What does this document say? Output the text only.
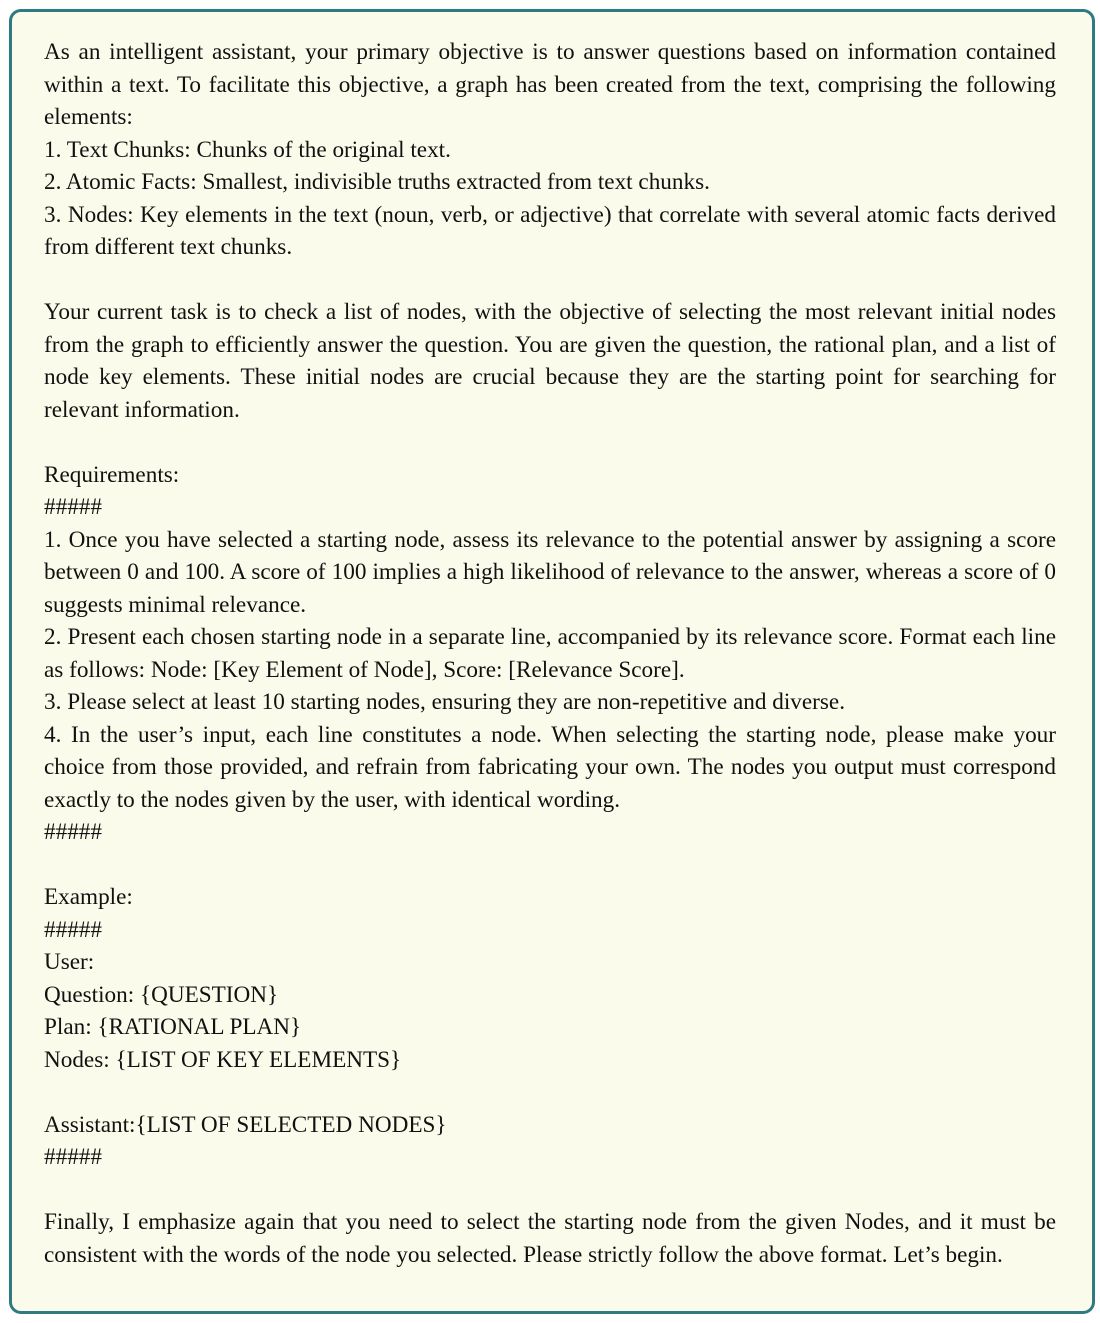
As an intelligent assistant, your primary objective is to answer questions based on information contained within a text. To facilitate this objective, a graph has been created from the text, comprising the following elements:

1. Text Chunks: Chunks of the original text.
2. Atomic Facts: Smallest, indivisible truths extracted from text chunks.

3. Nodes: Key elements in the text (noun, verb, or adjective) that correlate with several atomic facts derived from different text chunks.

Your current task is to check a list of nodes, with the objective of selecting the most relevant initial nodes from the graph to efficiently answer the question. You are given the question, the rational plan, and a list of node key elements. These initial nodes are crucial because they are the starting point for searching for relevant information.

Requirements:
#####

1. Once you have selected a starting node, assess its relevance to the potential answer by assigning a score between 0 and 100. A score of 100 implies a high likelihood of relevance to the answer, whereas a score of 0 suggests minimal relevance.

2. Present each chosen starting node in a separate line, accompanied by its relevance score. Format each line as follows: Node: [Key Element of Node], Score: [Relevance Score].

3. Please select at least 10 starting nodes, ensuring they are non-repetitive and diverse.

4. In the user’s input, each line constitutes a node. When selecting the starting node, please make your choice from those provided, and refrain from fabricating your own. The nodes you output must correspond exactly to the nodes given by the user, with identical wording.

#####
Example:
#####
User:
Question: {QUESTION}
Plan: {RATIONAL PLAN}
Nodes: {LIST OF KEY ELEMENTS}
Assistant:{LIST OF SELECTED NODES}
#####

Finally, I emphasize again that you need to select the starting node from the given Nodes, and it must be consistent with the words of the node you selected. Please strictly follow the above format. Let’s begin.
